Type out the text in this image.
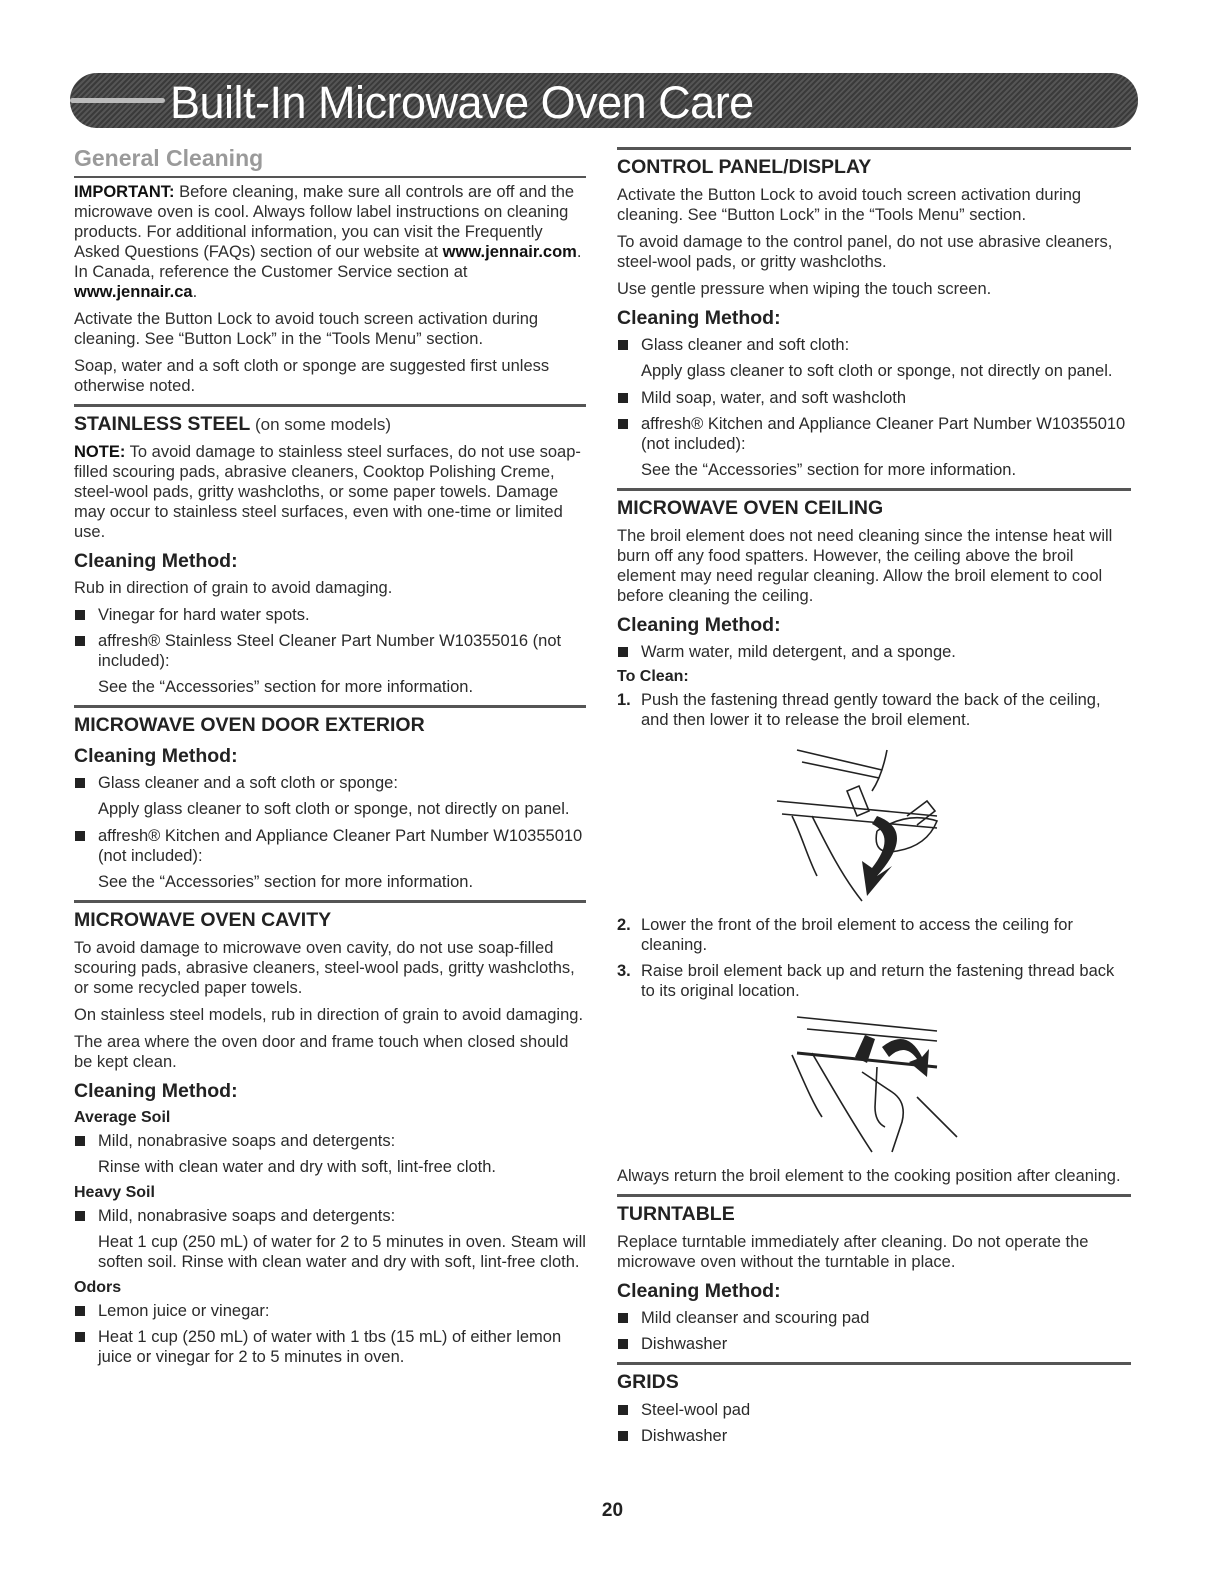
Built-In Microwave Oven Care
General Cleaning

IMPORTANT: Before cleaning, make sure all controls are off and the microwave oven is cool. Always follow label instructions on cleaning products. For additional information, you can visit the Frequently Asked Questions (FAQs) section of our website at www.jennair.com. In Canada, reference the Customer Service section at www.jennair.ca.

Activate the Button Lock to avoid touch screen activation during cleaning. See “Button Lock” in the “Tools Menu” section.

Soap, water and a soft cloth or sponge are suggested first unless otherwise noted.

STAINLESS STEEL (on some models)

NOTE: To avoid damage to stainless steel surfaces, do not use soap-filled scouring pads, abrasive cleaners, Cooktop Polishing Creme, steel-wool pads, gritty washcloths, or some paper towels. Damage may occur to stainless steel surfaces, even with one-time or limited use.

Cleaning Method:

Rub in direction of grain to avoid damaging.

Vinegar for hard water spots.
affresh® Stainless Steel Cleaner Part Number W10355016 (not included):
See the “Accessories” section for more information.
MICROWAVE OVEN DOOR EXTERIOR
Cleaning Method:
Glass cleaner and a soft cloth or sponge:
Apply glass cleaner to soft cloth or sponge, not directly on panel.
affresh® Kitchen and Appliance Cleaner Part Number W10355010 (not included):
See the “Accessories” section for more information.
MICROWAVE OVEN CAVITY

To avoid damage to microwave oven cavity, do not use soap-filled scouring pads, abrasive cleaners, steel-wool pads, gritty washcloths, or some recycled paper towels.

On stainless steel models, rub in direction of grain to avoid damaging.

The area where the oven door and frame touch when closed should be kept clean.

Cleaning Method:
Average Soil
Mild, nonabrasive soaps and detergents:
Rinse with clean water and dry with soft, lint-free cloth.
Heavy Soil
Mild, nonabrasive soaps and detergents:
Heat 1 cup (250 mL) of water for 2 to 5 minutes in oven. Steam will soften soil. Rinse with clean water and dry with soft, lint-free cloth.
Odors
Lemon juice or vinegar:
Heat 1 cup (250 mL) of water with 1 tbs (15 mL) of either lemon juice or vinegar for 2 to 5 minutes in oven.
CONTROL PANEL/DISPLAY

Activate the Button Lock to avoid touch screen activation during cleaning. See “Button Lock” in the “Tools Menu” section.

To avoid damage to the control panel, do not use abrasive cleaners, steel-wool pads, or gritty washcloths.

Use gentle pressure when wiping the touch screen.

Cleaning Method:
Glass cleaner and soft cloth:
Apply glass cleaner to soft cloth or sponge, not directly on panel.
Mild soap, water, and soft washcloth
affresh® Kitchen and Appliance Cleaner Part Number W10355010 (not included):
See the “Accessories” section for more information.
MICROWAVE OVEN CEILING

The broil element does not need cleaning since the intense heat will burn off any food spatters. However, the ceiling above the broil element may need regular cleaning. Allow the broil element to cool before cleaning the ceiling.

Cleaning Method:
Warm water, mild detergent, and a sponge.
To Clean:
1. Push the fastening thread gently toward the back of the ceiling, and then lower it to release the broil element.
2. Lower the front of the broil element to access the ceiling for cleaning.
3. Raise broil element back up and return the fastening thread back to its original location.

Always return the broil element to the cooking position after cleaning.

TURNTABLE

Replace turntable immediately after cleaning. Do not operate the microwave oven without the turntable in place.

Cleaning Method:
Mild cleanser and scouring pad
Dishwasher
GRIDS
Steel-wool pad
Dishwasher
20
